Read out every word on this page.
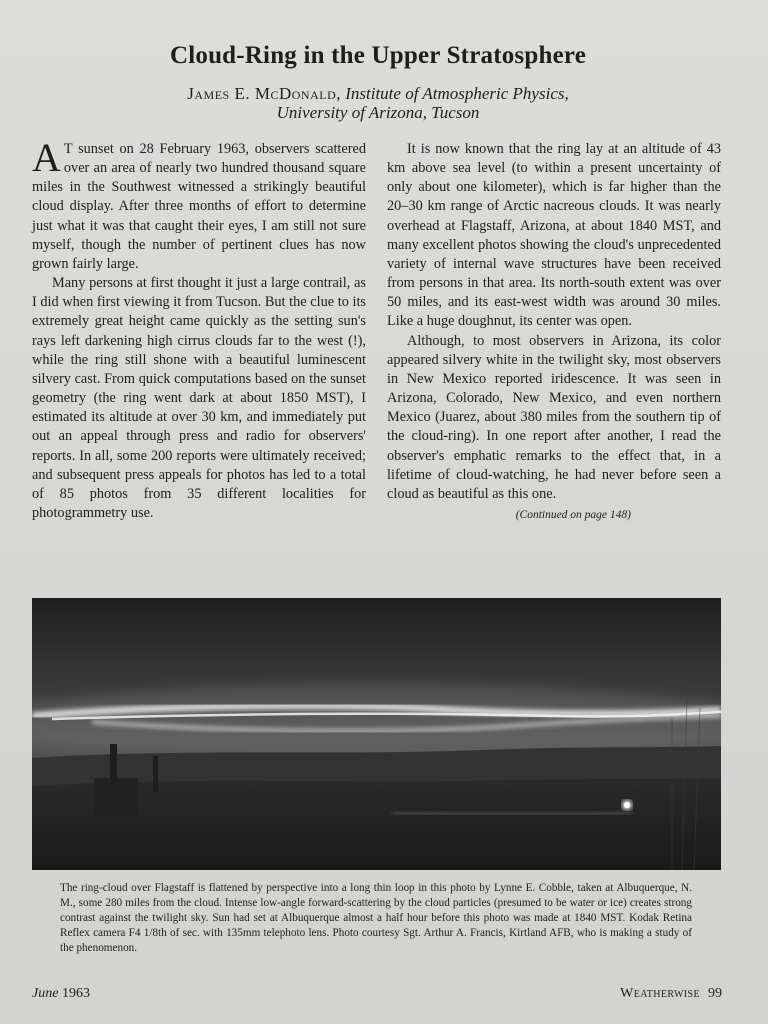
Cloud-Ring in the Upper Stratosphere
James E. McDonald, Institute of Atmospheric Physics,
University of Arizona, Tucson

A T sunset on 28 February 1963, observers scattered over an area of nearly two hundred thousand square miles in the Southwest witnessed a strikingly beautiful cloud display. After three months of effort to determine just what it was that caught their eyes, I am still not sure myself, though the number of pertinent clues has now grown fairly large.

Many persons at first thought it just a large contrail, as I did when first viewing it from Tucson. But the clue to its extremely great height came quickly as the setting sun's rays left darkening high cirrus clouds far to the west (!), while the ring still shone with a beautiful luminescent silvery cast. From quick computations based on the sunset geometry (the ring went dark at about 1850 MST), I estimated its altitude at over 30 km, and immediately put out an appeal through press and radio for observers' reports. In all, some 200 reports were ultimately received; and subsequent press appeals for photos has led to a total of 85 photos from 35 different localities for photogrammetry use.

It is now known that the ring lay at an altitude of 43 km above sea level (to within a present uncertainty of only about one kilometer), which is far higher than the 20–30 km range of Arctic nacreous clouds. It was nearly overhead at Flagstaff, Arizona, at about 1840 MST, and many excellent photos showing the cloud's unprecedented variety of internal wave structures have been received from persons in that area. Its north-south extent was over 50 miles, and its east-west width was around 30 miles. Like a huge doughnut, its center was open.

Although, to most observers in Arizona, its color appeared silvery white in the twilight sky, most observers in New Mexico reported iridescence. It was seen in Arizona, Colorado, New Mexico, and even northern Mexico (Juarez, about 380 miles from the southern tip of the cloud-ring). In one report after another, I read the observer's emphatic remarks to the effect that, in a lifetime of cloud-watching, he had never before seen a cloud as beautiful as this one.

(Continued on page 148)
The ring-cloud over Flagstaff is flattened by perspective into a long thin loop in this photo by Lynne E. Cobble, taken at Albuquerque, N. M., some 280 miles from the cloud. Intense low-angle forward-scattering by the cloud particles (presumed to be water or ice) creates strong contrast against the twilight sky. Sun had set at Albuquerque almost a half hour before this photo was made at 1840 MST. Kodak Retina Reflex camera F4 1/8th of sec. with 135mm telephoto lens. Photo courtesy Sgt. Arthur A. Francis, Kirtland AFB, who is making a study of the phenomenon.
June 1963	Weatherwise 99
